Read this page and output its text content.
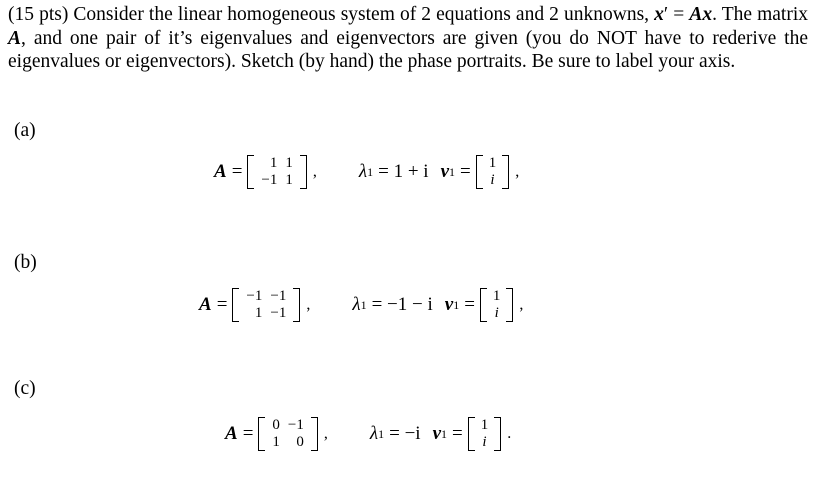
(15 pts) Consider the linear homogeneous system of 2 equations and 2 unknowns, x′ = Ax. The matrix A, and one pair of it’s eigenvalues and eigenvectors are given (you do NOT have to rederive the eigenvalues or eigenvectors). Sketch (by hand) the phase portraits. Be sure to label your axis.
(a)
A = 1	1
−1	1 , λ 1 = 1 + i v 1 = 1
i ,
(b)
A = −1	−1
1	−1 , λ 1 = −1 − i v 1 = 1
i ,
(c)
A = 0	−1
1	0 , λ 1 = −i v 1 = 1
i .
